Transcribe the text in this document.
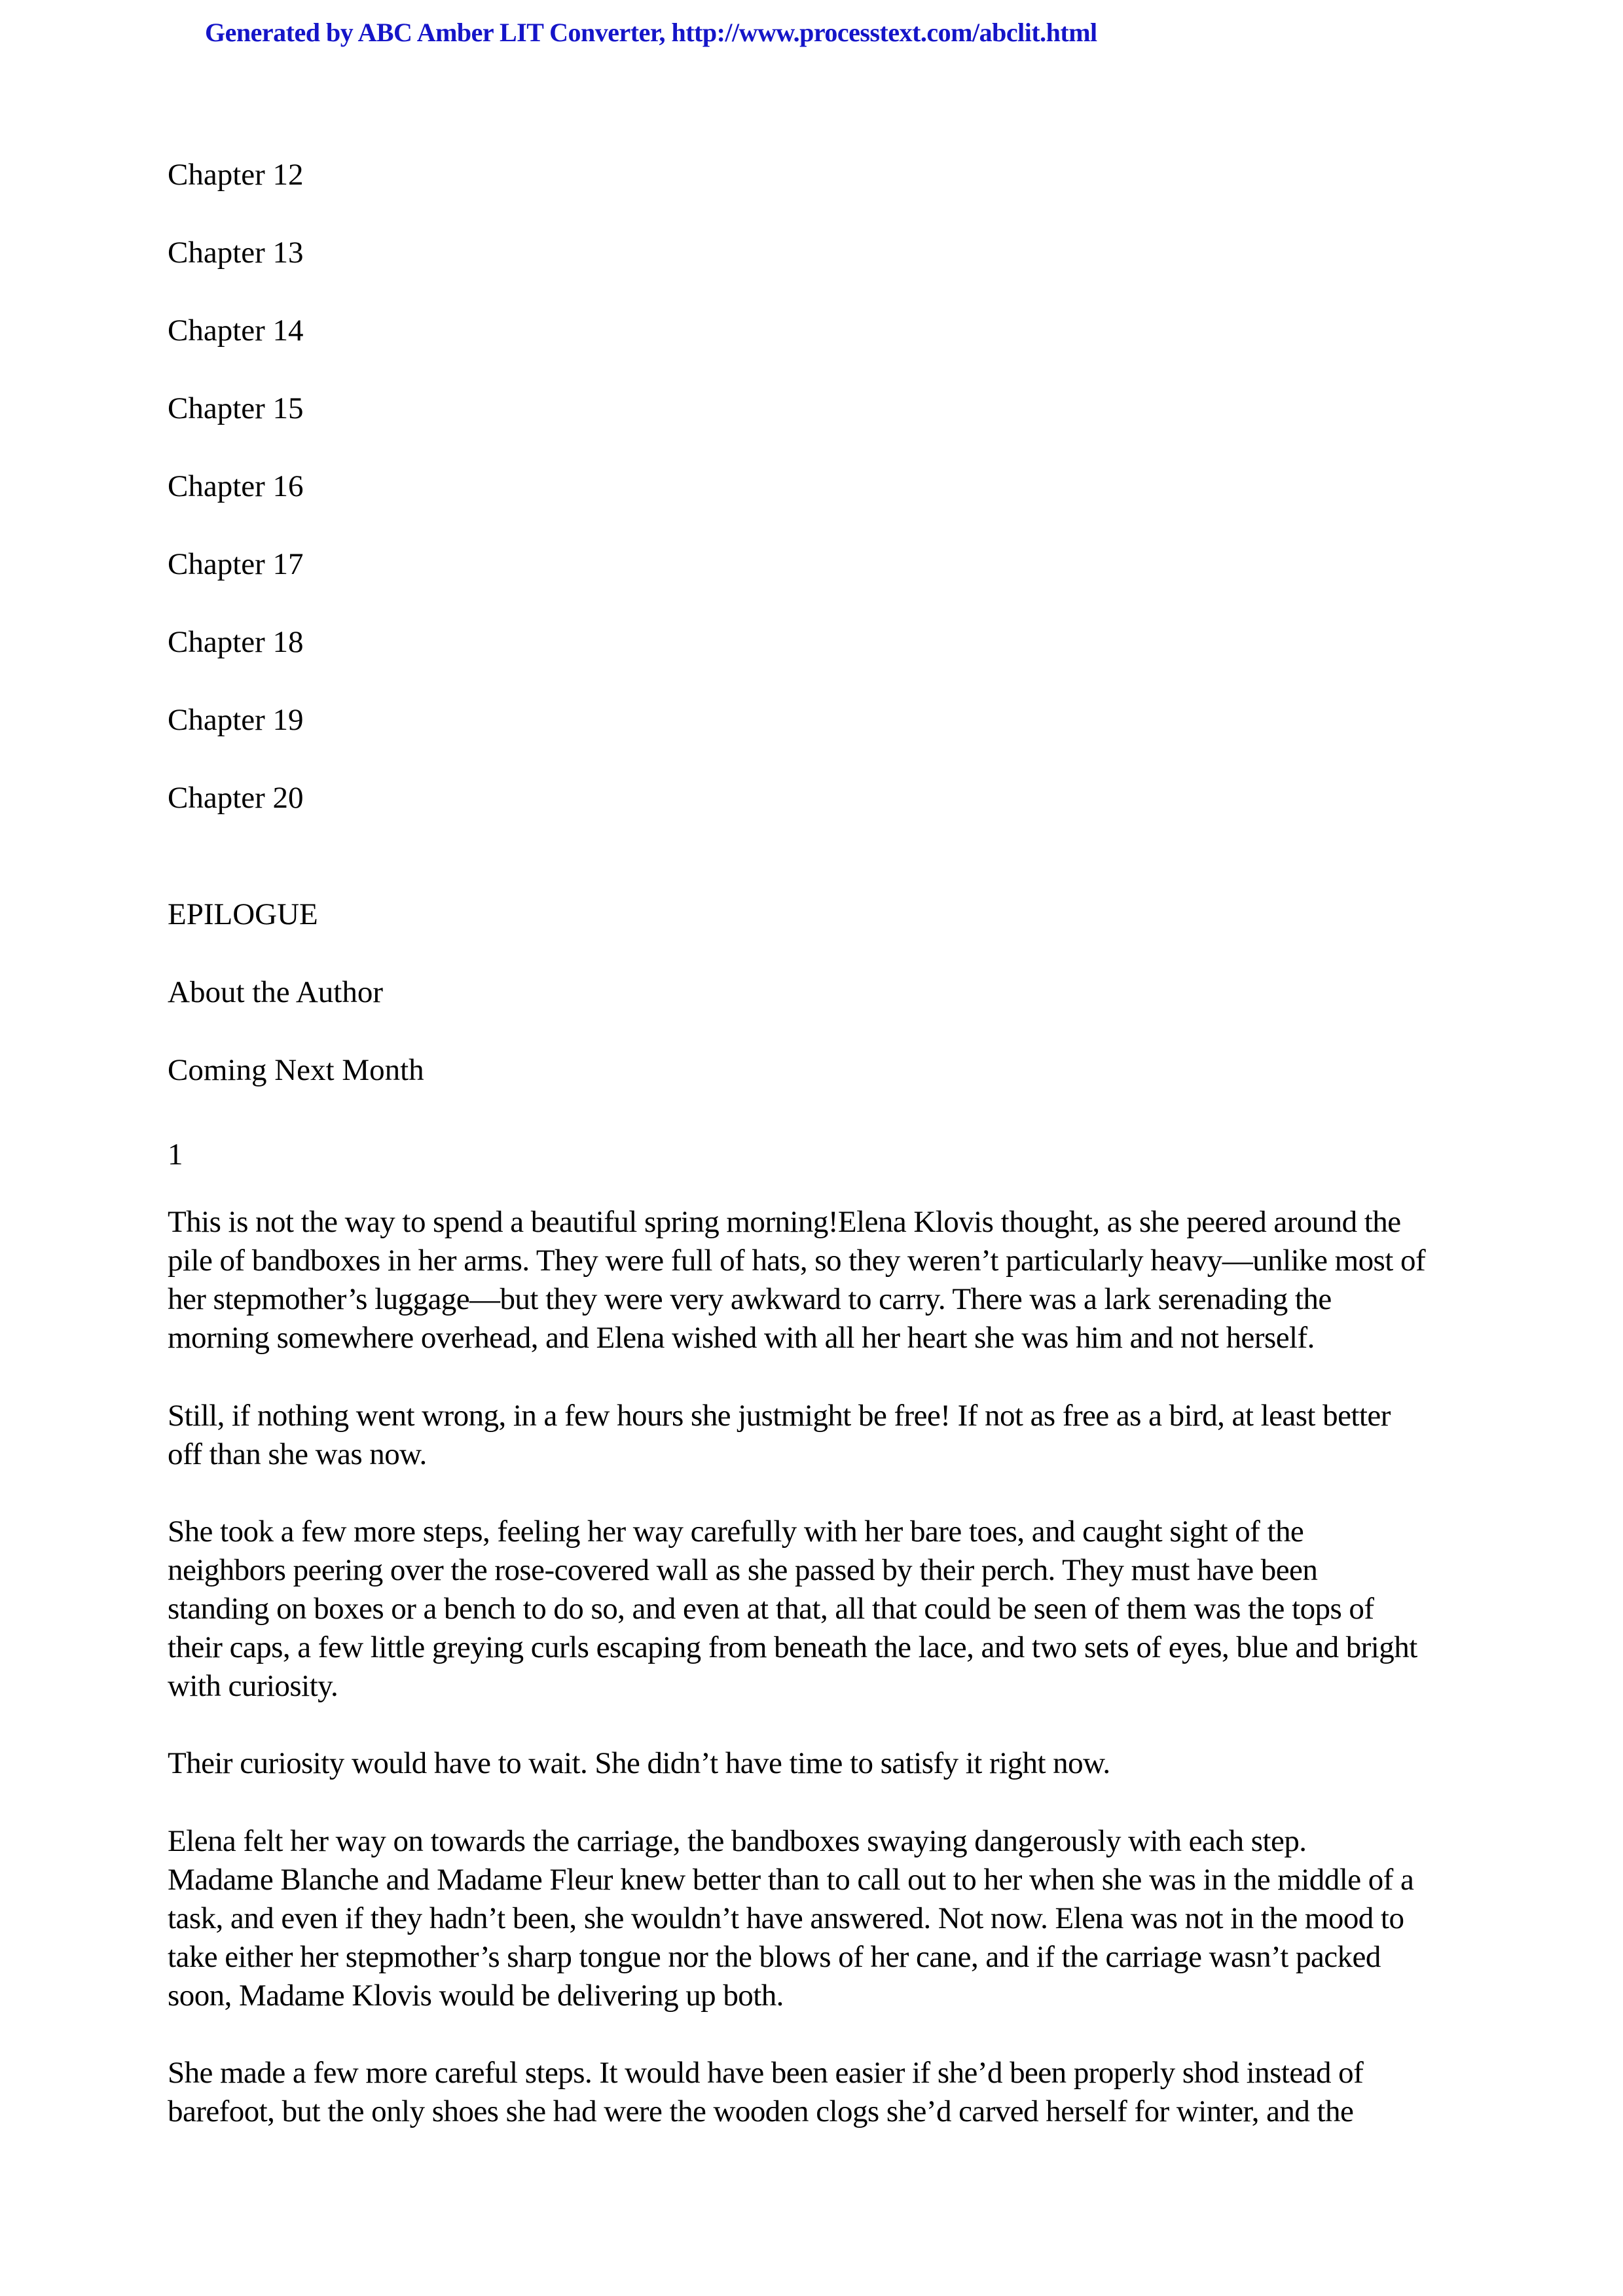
Generated by ABC Amber LIT Converter, http://www.processtext.com/abclit.html
Chapter 12
Chapter 13
Chapter 14
Chapter 15
Chapter 16
Chapter 17
Chapter 18
Chapter 19
Chapter 20
EPILOGUE
About the Author
Coming Next Month
1

This is not the way to spend a beautiful spring morning!Elena Klovis thought, as she peered around the
pile of bandboxes in her arms. They were full of hats, so they weren’t particularly heavy—unlike most of
her stepmother’s luggage—but they were very awkward to carry. There was a lark serenading the
morning somewhere overhead, and Elena wished with all her heart she was him and not herself.

Still, if nothing went wrong, in a few hours she justmight be free! If not as free as a bird, at least better
off than she was now.

She took a few more steps, feeling her way carefully with her bare toes, and caught sight of the
neighbors peering over the rose-covered wall as she passed by their perch. They must have been
standing on boxes or a bench to do so, and even at that, all that could be seen of them was the tops of
their caps, a few little greying curls escaping from beneath the lace, and two sets of eyes, blue and bright
with curiosity.

Their curiosity would have to wait. She didn’t have time to satisfy it right now.

Elena felt her way on towards the carriage, the bandboxes swaying dangerously with each step.
Madame Blanche and Madame Fleur knew better than to call out to her when she was in the middle of a
task, and even if they hadn’t been, she wouldn’t have answered. Not now. Elena was not in the mood to
take either her stepmother’s sharp tongue nor the blows of her cane, and if the carriage wasn’t packed
soon, Madame Klovis would be delivering up both.

She made a few more careful steps. It would have been easier if she’d been properly shod instead of
barefoot, but the only shoes she had were the wooden clogs she’d carved herself for winter, and the
